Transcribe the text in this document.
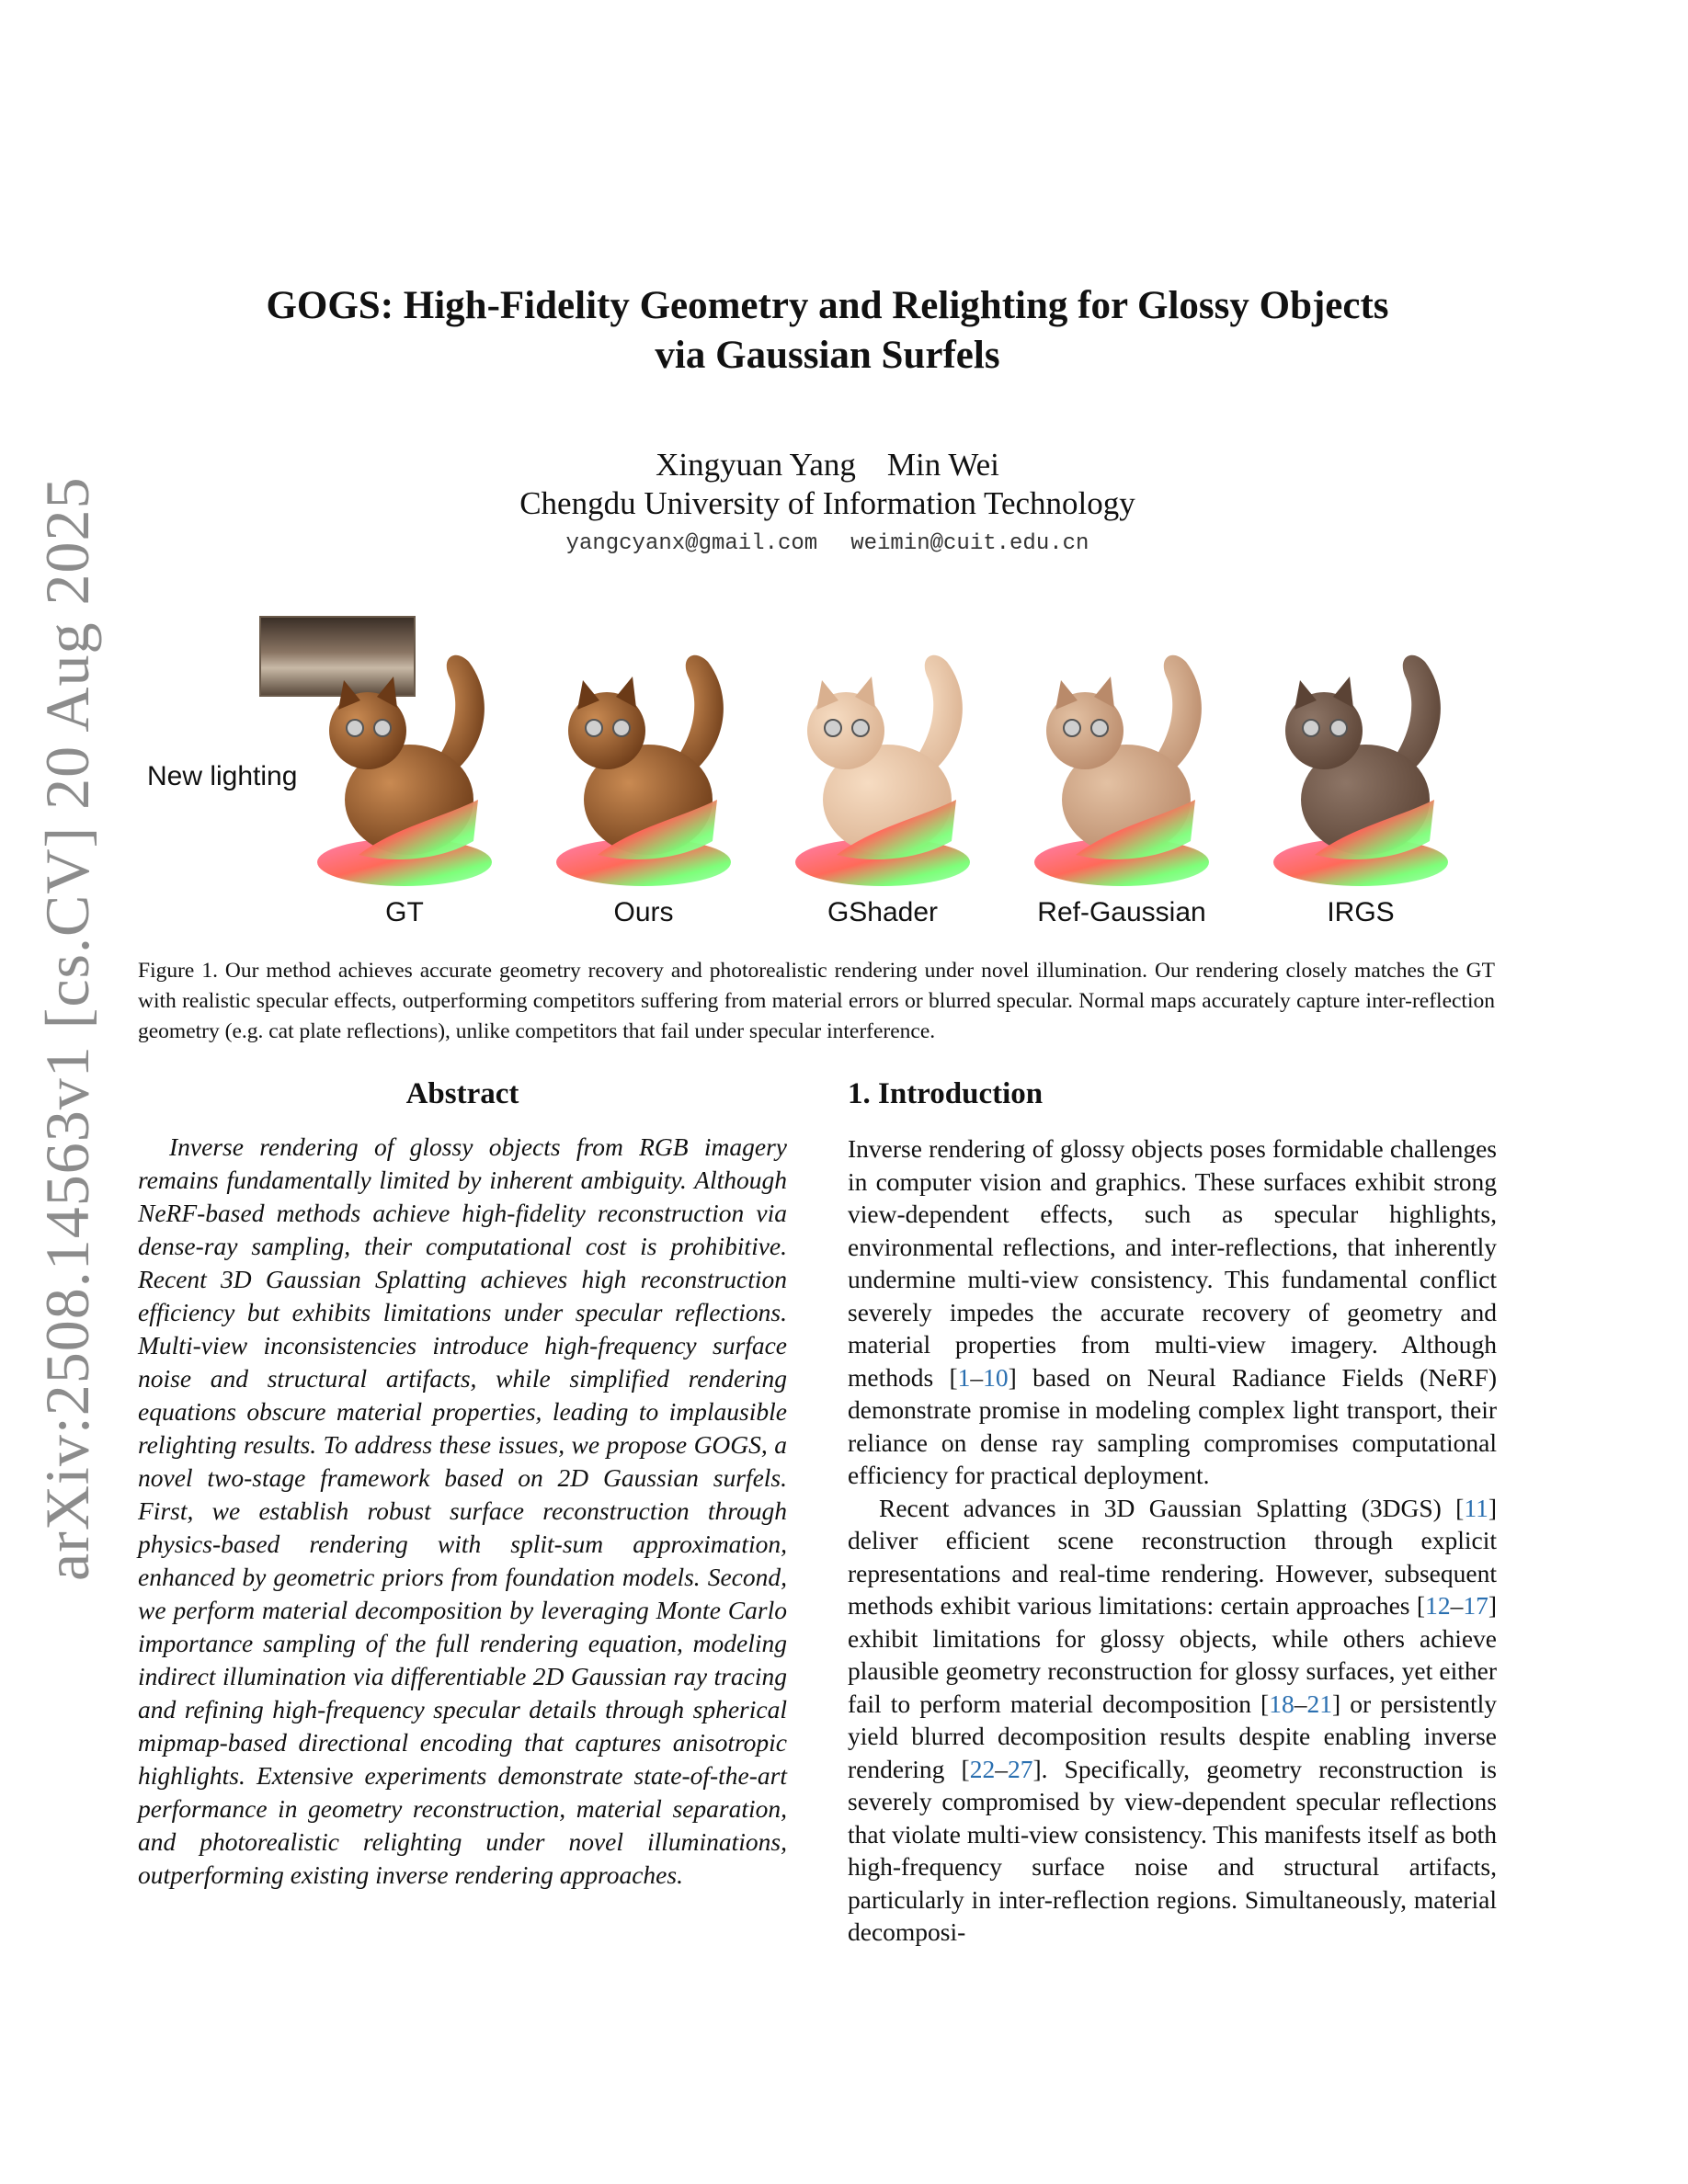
arXiv:2508.14563v1 [cs.CV] 20 Aug 2025
GOGS: High-Fidelity Geometry and Relighting for Glossy Objects
via Gaussian Surfels
Xingyuan Yang Min Wei
Chengdu University of Information Technology
yangcyanx@gmail.com weimin@cuit.edu.cn
New lighting
GT	Ours	GShader	Ref-Gaussian	IRGS

Figure 1. Our method achieves accurate geometry recovery and photorealistic rendering under novel illumination. Our rendering closely matches the GT with realistic specular effects, outperforming competitors suffering from material errors or blurred specular. Normal maps accurately capture inter-reflection geometry (e.g. cat plate reflections), unlike competitors that fail under specular interference.

Abstract

Inverse rendering of glossy objects from RGB imagery remains fundamentally limited by inherent ambiguity. Although NeRF-based methods achieve high-fidelity reconstruction via dense-ray sampling, their computational cost is prohibitive. Recent 3D Gaussian Splatting achieves high reconstruction efficiency but exhibits limitations under specular reflections. Multi-view inconsistencies introduce high-frequency surface noise and structural artifacts, while simplified rendering equations obscure material properties, leading to implausible relighting results. To address these issues, we propose GOGS, a novel two-stage framework based on 2D Gaussian surfels. First, we establish robust surface reconstruction through physics-based rendering with split-sum approximation, enhanced by geometric priors from foundation models. Second, we perform material decomposition by leveraging Monte Carlo importance sampling of the full rendering equation, modeling indirect illumination via differentiable 2D Gaussian ray tracing and refining high-frequency specular details through spherical mipmap-based directional encoding that captures anisotropic highlights. Extensive experiments demonstrate state-of-the-art performance in geometry reconstruction, material separation, and photorealistic relighting under novel illuminations, outperforming existing inverse rendering approaches.

1. Introduction

Inverse rendering of glossy objects poses formidable challenges in computer vision and graphics. These surfaces exhibit strong view-dependent effects, such as specular highlights, environmental reflections, and inter-reflections, that inherently undermine multi-view consistency. This fundamental conflict severely impedes the accurate recovery of geometry and material properties from multi-view imagery. Although methods [1–10] based on Neural Radiance Fields (NeRF) demonstrate promise in modeling complex light transport, their reliance on dense ray sampling compromises computational efficiency for practical deployment.

Recent advances in 3D Gaussian Splatting (3DGS) [11] deliver efficient scene reconstruction through explicit representations and real-time rendering. However, subsequent methods exhibit various limitations: certain approaches [12–17] exhibit limitations for glossy objects, while others achieve plausible geometry reconstruction for glossy surfaces, yet either fail to perform material decomposition [18–21] or persistently yield blurred decomposition results despite enabling inverse rendering [22–27]. Specifically, geometry reconstruction is severely compromised by view-dependent specular reflections that violate multi-view consistency. This manifests itself as both high-frequency surface noise and structural artifacts, particularly in inter-reflection regions. Simultaneously, material decomposi-
